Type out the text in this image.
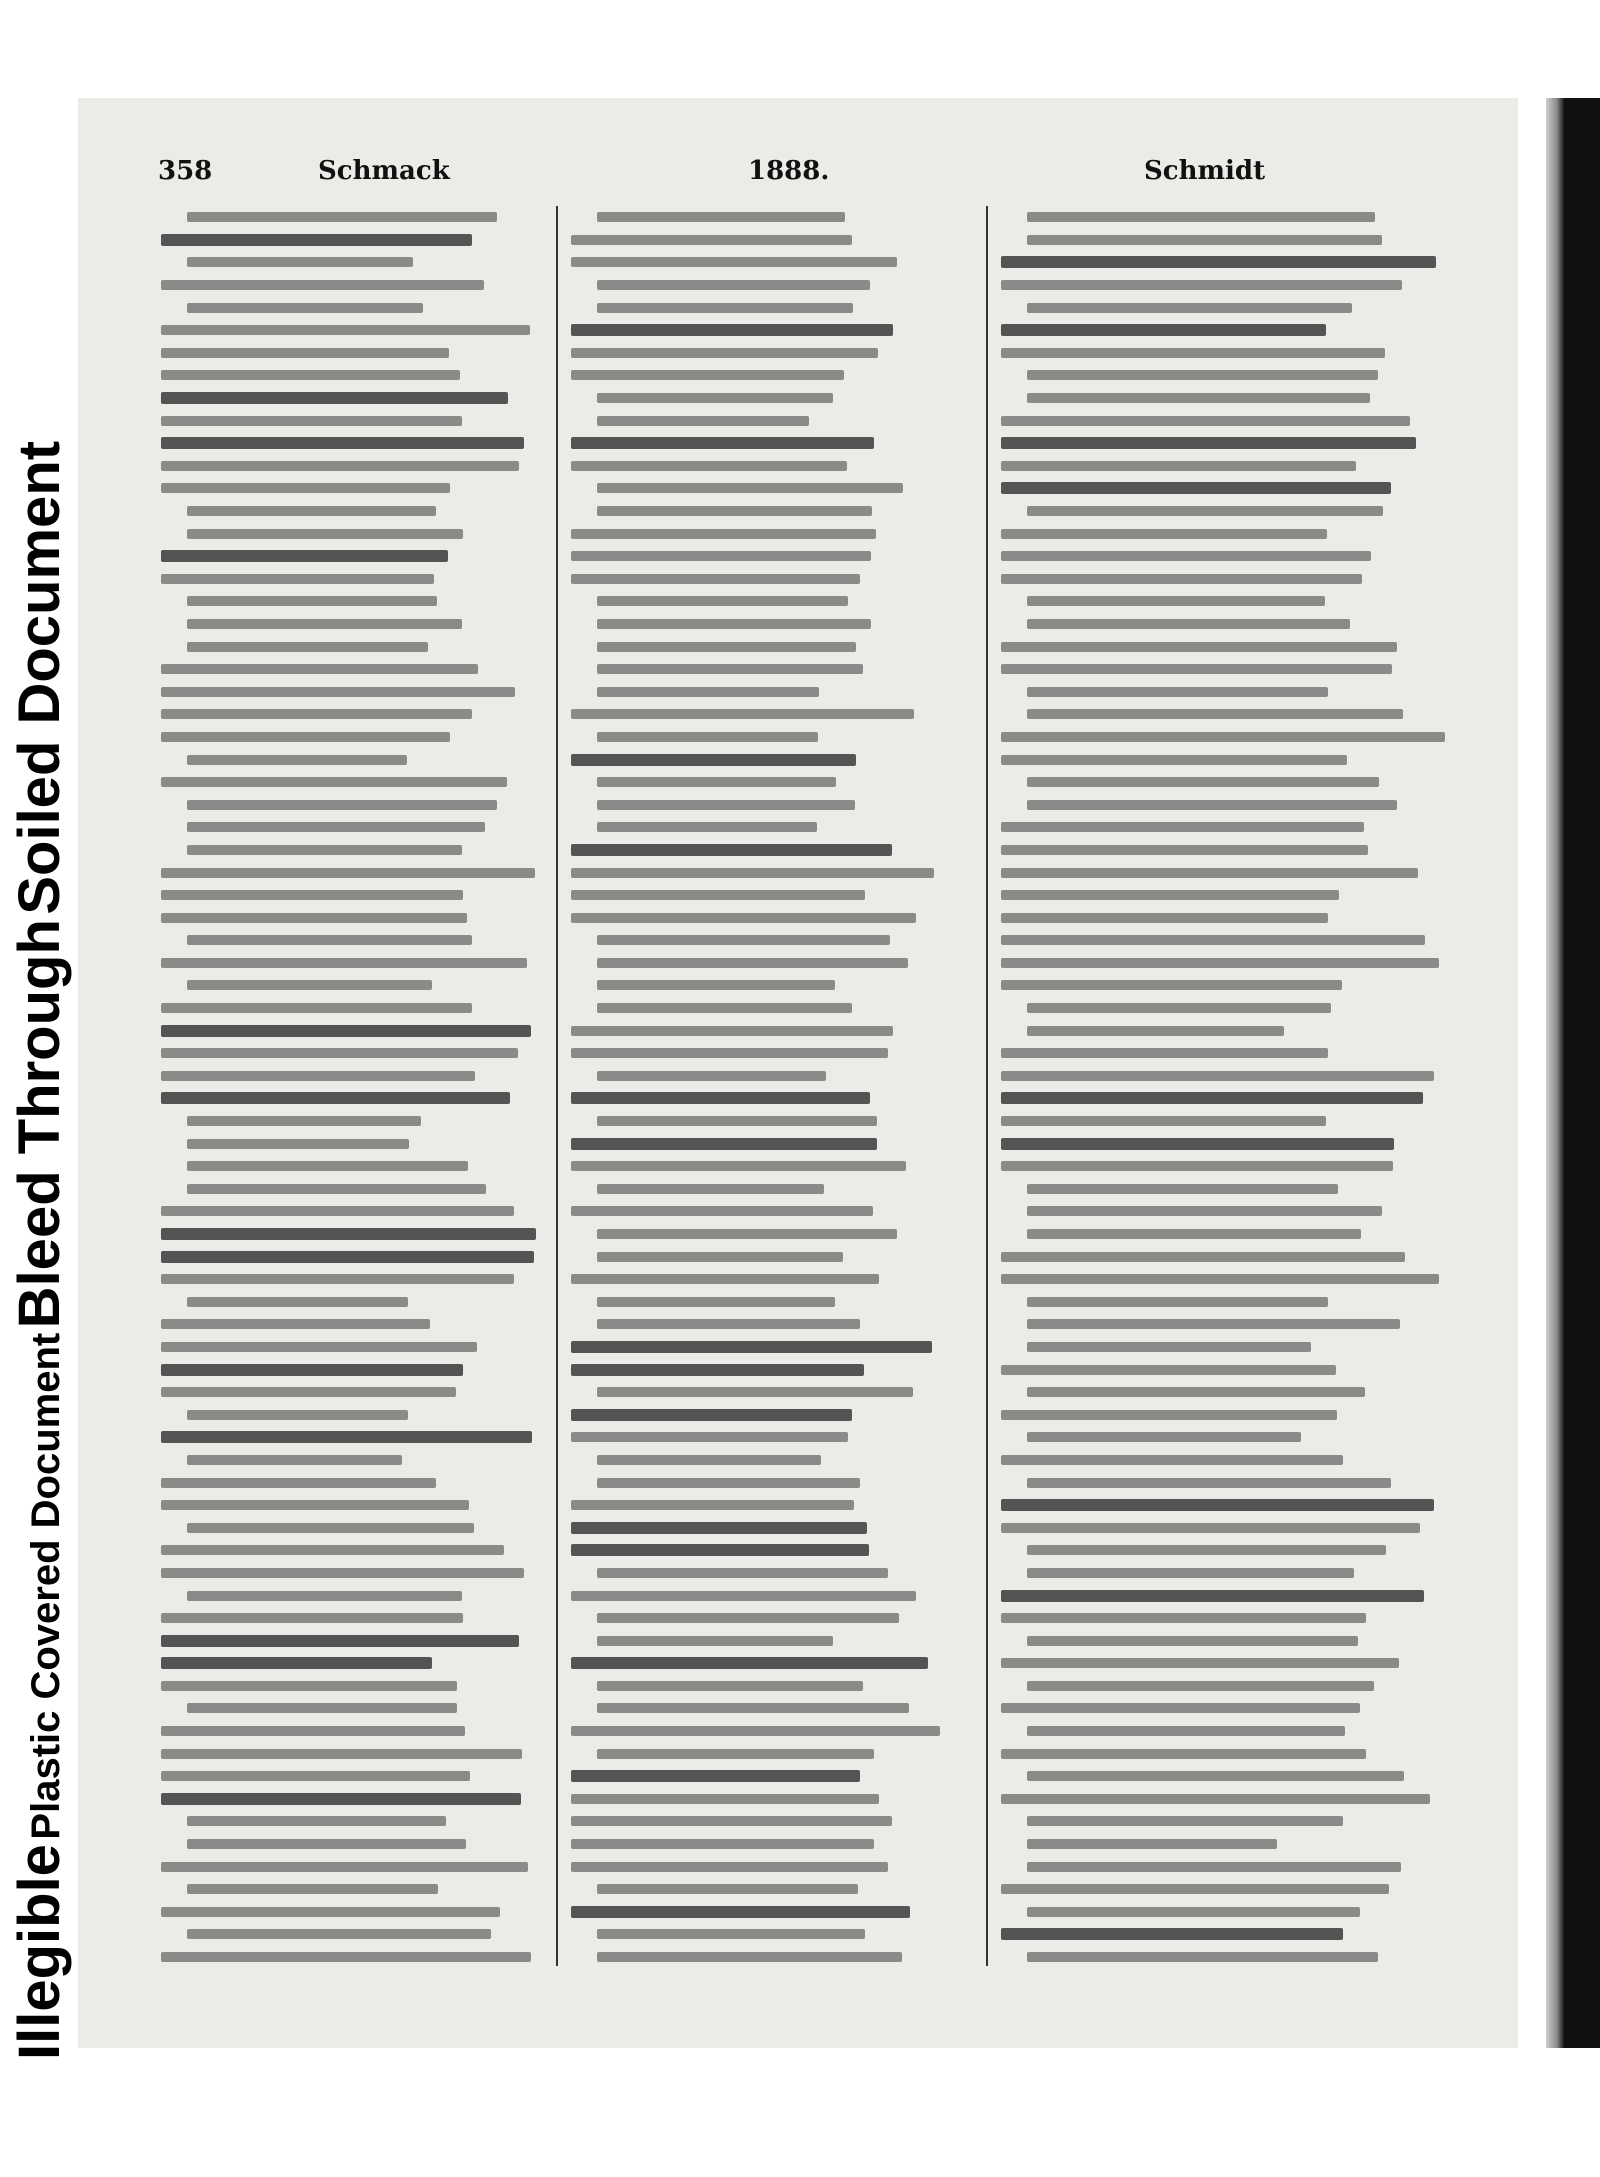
Illegible Plastic Covered Document Bleed Through Soiled Document
358	Schmack	1888.	Schmidt
